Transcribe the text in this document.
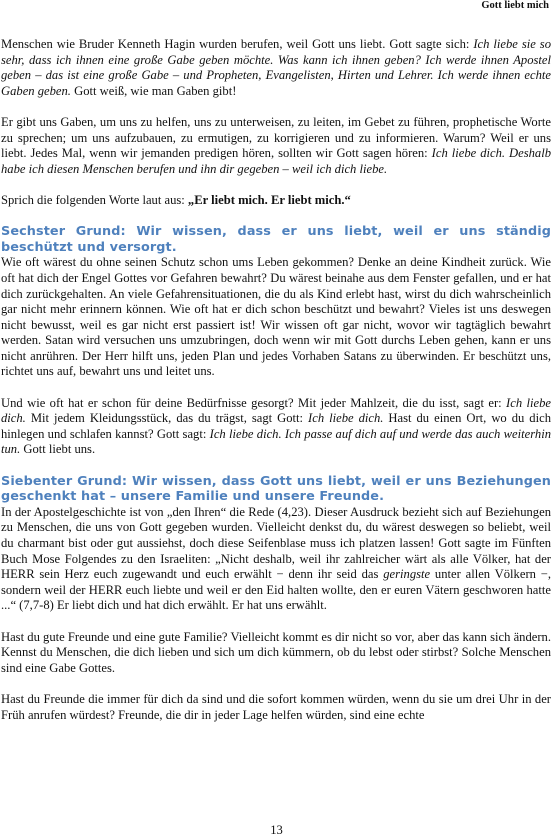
Gott liebt mich

Menschen wie Bruder Kenneth Hagin wurden berufen, weil Gott uns liebt. Gott sagte sich: Ich liebe sie so sehr, dass ich ihnen eine große Gabe geben möchte. Was kann ich ihnen geben? Ich werde ihnen Apostel geben – das ist eine große Gabe – und Propheten, Evangelisten, Hirten und Lehrer. Ich werde ihnen echte Gaben geben. Gott weiß, wie man Gaben gibt!

Er gibt uns Gaben, um uns zu helfen, uns zu unterweisen, zu leiten, im Gebet zu führen, prophetische Worte zu sprechen; um uns aufzubauen, zu ermutigen, zu korrigieren und zu informieren. Warum? Weil er uns liebt. Jedes Mal, wenn wir jemanden predigen hören, sollten wir Gott sagen hören: Ich liebe dich. Deshalb habe ich diesen Menschen berufen und ihn dir gegeben – weil ich dich liebe.

Sprich die folgenden Worte laut aus: „Er liebt mich. Er liebt mich.“

Sechster Grund: Wir wissen, dass er uns liebt, weil er uns ständig beschützt und versorgt.

Wie oft wärest du ohne seinen Schutz schon ums Leben gekommen? Denke an deine Kindheit zurück. Wie oft hat dich der Engel Gottes vor Gefahren bewahrt? Du wärest beinahe aus dem Fenster gefallen, und er hat dich zurückgehalten. An viele Gefahrensituationen, die du als Kind erlebt hast, wirst du dich wahrscheinlich gar nicht mehr erinnern können. Wie oft hat er dich schon beschützt und bewahrt? Vieles ist uns deswegen nicht bewusst, weil es gar nicht erst passiert ist! Wir wissen oft gar nicht, wovor wir tagtäglich bewahrt werden. Satan wird versuchen uns umzubringen, doch wenn wir mit Gott durchs Leben gehen, kann er uns nicht anrühren. Der Herr hilft uns, jeden Plan und jedes Vorhaben Satans zu überwinden. Er beschützt uns, richtet uns auf, bewahrt uns und leitet uns.

Und wie oft hat er schon für deine Bedürfnisse gesorgt? Mit jeder Mahlzeit, die du isst, sagt er: Ich liebe dich. Mit jedem Kleidungsstück, das du trägst, sagt Gott: Ich liebe dich. Hast du einen Ort, wo du dich hinlegen und schlafen kannst? Gott sagt: Ich liebe dich. Ich passe auf dich auf und werde das auch weiterhin tun. Gott liebt uns.

Siebenter Grund: Wir wissen, dass Gott uns liebt, weil er uns Beziehungen geschenkt hat – unsere Familie und unsere Freunde.

In der Apostelgeschichte ist von „den Ihren“ die Rede (4,23). Dieser Ausdruck bezieht sich auf Beziehungen zu Menschen, die uns von Gott gegeben wurden. Vielleicht denkst du, du wärest deswegen so beliebt, weil du charmant bist oder gut aussiehst, doch diese Seifenblase muss ich platzen lassen! Gott sagte im Fünften Buch Mose Folgendes zu den Israeliten: „Nicht deshalb, weil ihr zahlreicher wärt als alle Völker, hat der HERR sein Herz euch zugewandt und euch erwählt − denn ihr seid das geringste unter allen Völkern −, sondern weil der HERR euch liebte und weil er den Eid halten wollte, den er euren Vätern geschworen hatte ...“ (7,7-8) Er liebt dich und hat dich erwählt. Er hat uns erwählt.

Hast du gute Freunde und eine gute Familie? Vielleicht kommt es dir nicht so vor, aber das kann sich ändern. Kennst du Menschen, die dich lieben und sich um dich kümmern, ob du lebst oder stirbst? Solche Menschen sind eine Gabe Gottes.

Hast du Freunde die immer für dich da sind und die sofort kommen würden, wenn du sie um drei Uhr in der Früh anrufen würdest? Freunde, die dir in jeder Lage helfen würden, sind eine echte

13
